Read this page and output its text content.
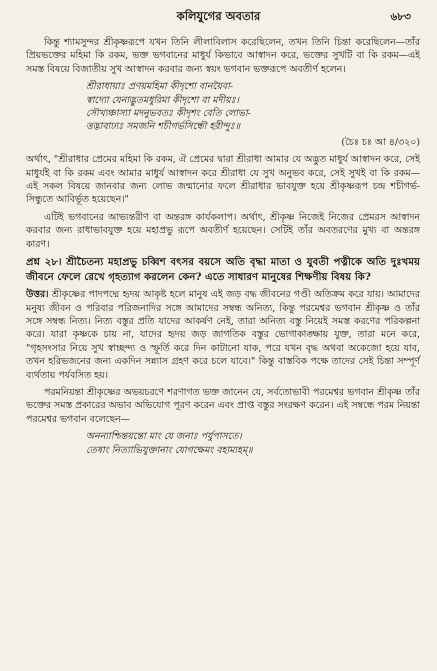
কলিযুগের অবতার	৬৮৩

কিন্তু শ্যামসুন্দর শ্রীকৃষ্ণরূপে যখন তিনি লীলাবিলাস করেছিলেন, তখন তিনি চিন্তা করেছিলেন—তাঁর প্রিয়ভক্তের মহিমা কি রকম, ভক্ত ভগবানের মাধুর্য কিভাবে আস্বাদন করে, ভক্তের সুখটি বা কি রকম—এই সমস্ত বিষয়ে বিজাতীয় সুখ আস্বাদন করবার জন্য স্বয়ং ভগবান ভক্তরূপে অবতীর্ণ হলেন।

শ্রীরাধায়াঃ প্রণয়মহিমা কীদৃশো বানয়ৈবা-
স্বাদ্যো যেনাদ্ভুতমধুরিমা কীদৃশো বা মদীয়ঃ।
সৌখ্যঞ্চাস্যা মদনুভবতঃ কীদৃশং বেতি লোভা-
ত্তদ্ভাবাঢ্যঃ সমজনি শচীগর্ভসিন্ধৌ হরীন্দুঃ॥
(চৈঃ চঃ আ ৪/৩২০)

অর্থাৎ, "শ্রীরাধার প্রেমের মহিমা কি রকম, ঐ প্রেমের দ্বারা শ্রীরাধা আমার যে অদ্ভুত মাধুর্য আস্বাদন করে, সেই মাধুর্যই বা কি রকম এবং আমার মাধুর্য আস্বাদন করে শ্রীরাধা যে সুখ অনুভব করে, সেই সুখই বা কি রকম—এই সকল বিষয়ে জানবার জন্য লোভ জন্মানোর ফলে শ্রীরাধার ভাবযুক্ত হয়ে শ্রীকৃষ্ণরূপ চন্দ্র শচীগর্ভ-সিন্ধুতে আবির্ভূত হয়েছেন।"

এটিই ভগবানের আভ্যন্তরীণ বা অন্তরঙ্গ কার্যকলাপ। অর্থাৎ, শ্রীকৃষ্ণ নিজেই নিজের প্রেমরস আস্বাদন করবার জন্য রাধাভাবযুক্ত হয়ে মহাপ্রভু রূপে অবতীর্ণ হয়েছেন। সেটিই তাঁর অবতরণের মুখ্য বা অন্তরঙ্গ কারণ।

প্রশ্ন ২৮। শ্রীচৈতন্য মহাপ্রভু চব্বিশ বৎসর বয়সে অতি বৃদ্ধা মাতা ও যুবতী পত্নীকে অতি দুঃখময় জীবনে ফেলে রেখে গৃহত্যাগ করলেন কেন? এতে সাধারণ মানুষের শিক্ষণীয় বিষয় কি?

উত্তর। শ্রীকৃষ্ণের পাদপদ্মে হৃদয় আকৃষ্ট হলে মানুষ এই জড় বদ্ধ জীবনের গণ্ডী অতিক্রম করে যায়। আমাদের মনুষ্য জীবন ও পরিবার পরিজনাদির সঙ্গে আমাদের সম্বন্ধ অনিত্য, কিন্তু পরমেশ্বর ভগবান শ্রীকৃষ্ণ ও তাঁর সঙ্গে সম্বন্ধ নিত্য। নিত্য বস্তুর প্রতি যাদের আকর্ষণ নেই, তারা অনিত্য বস্তু নিয়েই সমস্ত করণের পরিকল্পনা করে। যারা কৃষ্ণকে চায় না, যাদের হৃদয় জড় জাগতিক বস্তুর ভোগাকাঙ্ক্ষায় যুক্ত, তারা মনে করে, "গৃহসংসার নিয়ে সুখ স্বাচ্ছন্দ্য ও স্ফূর্তি করে দিন কাটানো যাক, পরে যখন বৃদ্ধ অথবা অকেজো হয়ে যাব, তখন হরিভজনের জন্য একদিন সন্ন্যাস গ্রহণ করে চলে যাবে।" কিন্তু বাস্তবিক পক্ষে তাদের সেই চিন্তা সম্পূর্ণ ব্যর্থতায় পর্যবসিত হয়।

পরমনিয়ন্তা শ্রীকৃষ্ণের অভয়চরণে শরণাগত ভক্ত জানেন যে, সর্বতোভাবী পরমেশ্বর ভগবান শ্রীকৃষ্ণ তাঁর ভক্তের সমস্ত প্রকারের অভাব অভিযোগ পূরণ করেন এবং প্রাপ্ত বস্তুর সংরক্ষণ করেন। এই সম্বন্ধে পরম নিয়ন্তা পরমেশ্বর ভগবান বলেছেন—

অনন্যাশ্চিন্তয়ন্তো মাং যে জনাঃ পর্যুপাসতে।
তেষাং নিত্যাভিযুক্তানাং যোগক্ষেমং বহাম্যহম্॥
